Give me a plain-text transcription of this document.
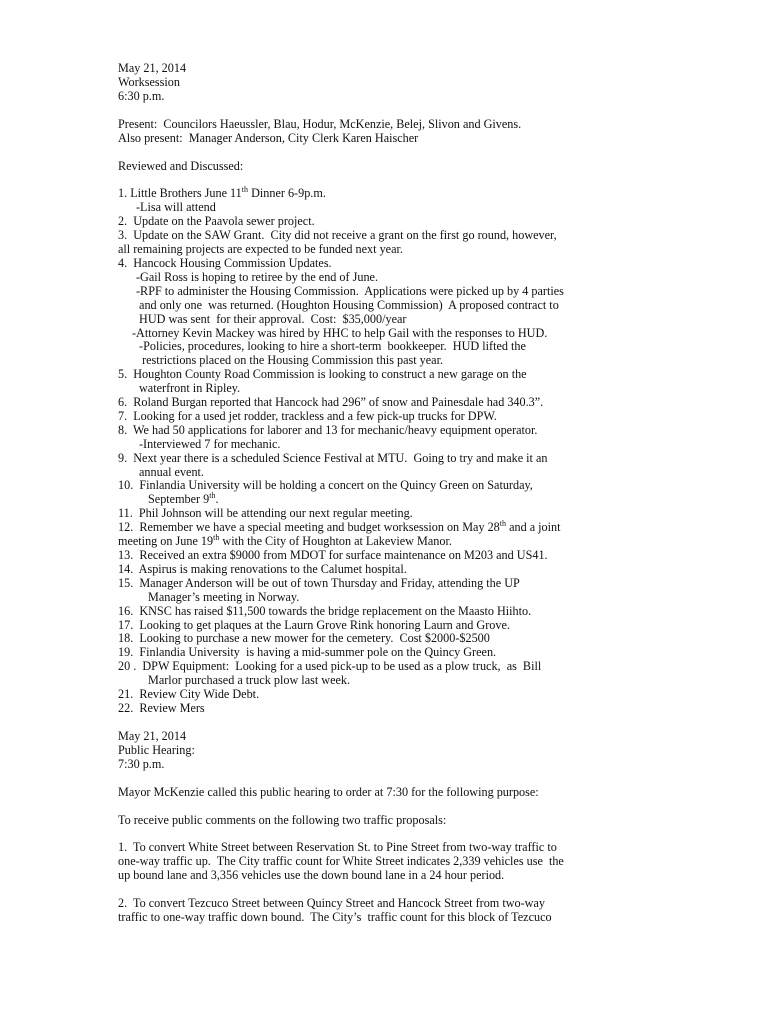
May 21, 2014
Worksession
6:30 p.m.
Present:  Councilors Haeussler, Blau, Hodur, McKenzie, Belej, Slivon and Givens.
Also present:  Manager Anderson, City Clerk Karen Haischer
Reviewed and Discussed:
1. Little Brothers June 11th Dinner 6-9p.m.
-Lisa will attend
2.  Update on the Paavola sewer project.
3.  Update on the SAW Grant.  City did not receive a grant on the first go round, however,
all remaining projects are expected to be funded next year.
4.  Hancock Housing Commission Updates.
-Gail Ross is hoping to retiree by the end of June.
-RPF to administer the Housing Commission.  Applications were picked up by 4 parties
and only one  was returned. (Houghton Housing Commission)  A proposed contract to
HUD was sent  for their approval.  Cost:  $35,000/year
-Attorney Kevin Mackey was hired by HHC to help Gail with the responses to HUD.
-Policies, procedures, looking to hire a short-term  bookkeeper.  HUD lifted the
restrictions placed on the Housing Commission this past year.
5.  Houghton County Road Commission is looking to construct a new garage on the
waterfront in Ripley.
6.  Roland Burgan reported that Hancock had 296” of snow and Painesdale had 340.3”.
7.  Looking for a used jet rodder, trackless and a few pick-up trucks for DPW.
8.  We had 50 applications for laborer and 13 for mechanic/heavy equipment operator.
-Interviewed 7 for mechanic.
9.  Next year there is a scheduled Science Festival at MTU.  Going to try and make it an
annual event.
10.  Finlandia University will be holding a concert on the Quincy Green on Saturday,
September 9th.
11.  Phil Johnson will be attending our next regular meeting.
12.  Remember we have a special meeting and budget worksession on May 28th and a joint
meeting on June 19th with the City of Houghton at Lakeview Manor.
13.  Received an extra $9000 from MDOT for surface maintenance on M203 and US41.
14.  Aspirus is making renovations to the Calumet hospital.
15.  Manager Anderson will be out of town Thursday and Friday, attending the UP
Manager’s meeting in Norway.
16.  KNSC has raised $11,500 towards the bridge replacement on the Maasto Hiihto.
17.  Looking to get plaques at the Laurn Grove Rink honoring Laurn and Grove.
18.  Looking to purchase a new mower for the cemetery.  Cost $2000-$2500
19.  Finlandia University  is having a mid-summer pole on the Quincy Green.
20 .  DPW Equipment:  Looking for a used pick-up to be used as a plow truck,  as  Bill
Marlor purchased a truck plow last week.
21.  Review City Wide Debt.
22.  Review Mers
May 21, 2014
Public Hearing:
7:30 p.m.
Mayor McKenzie called this public hearing to order at 7:30 for the following purpose:
To receive public comments on the following two traffic proposals:
1.  To convert White Street between Reservation St. to Pine Street from two-way traffic to
one-way traffic up.  The City traffic count for White Street indicates 2,339 vehicles use  the
up bound lane and 3,356 vehicles use the down bound lane in a 24 hour period.
2.  To convert Tezcuco Street between Quincy Street and Hancock Street from two-way
traffic to one-way traffic down bound.  The City’s  traffic count for this block of Tezcuco
